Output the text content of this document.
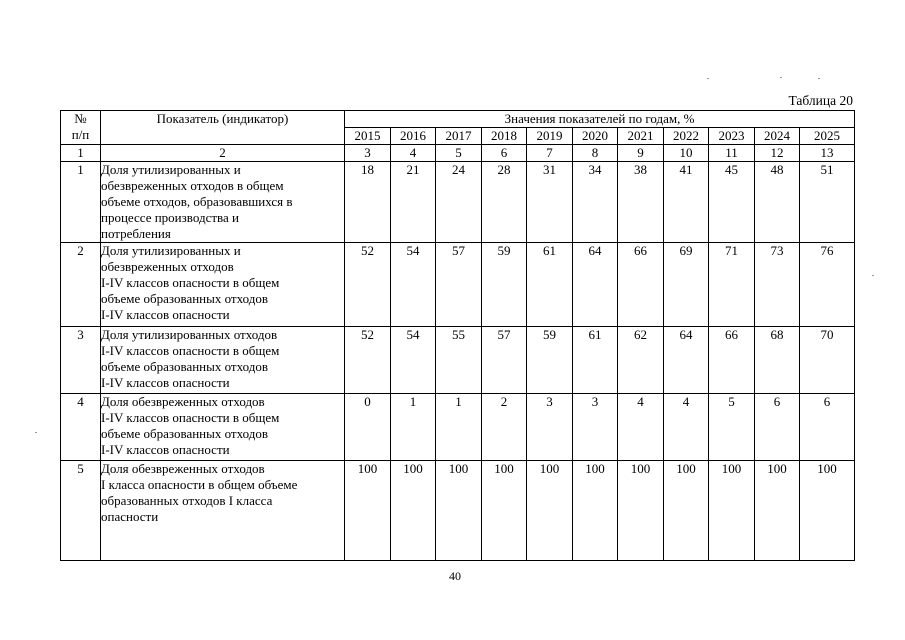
Таблица 20
№
п/п	Показатель (индикатор)	Значения показателей по годам, %										
		2015	2016	2017	2018	2019	2020	2021	2022	2023	2024	2025
1	2	3	4	5	6	7	8	9	10	11	12	13
1	Доля утилизированных и
обезвреженных отходов в общем
объеме отходов, образовавшихся в
процессе производства и
потребления	18	21	24	28	31	34	38	41	45	48	51
2	Доля утилизированных и
обезвреженных отходов
I-IV классов опасности в общем
объеме образованных отходов
I-IV классов опасности	52	54	57	59	61	64	66	69	71	73	76
3	Доля утилизированных отходов
I-IV классов опасности в общем
объеме образованных отходов
I-IV классов опасности	52	54	55	57	59	61	62	64	66	68	70
4	Доля обезвреженных отходов
I-IV классов опасности в общем
объеме образованных отходов
I-IV классов опасности	0	1	1	2	3	3	4	4	5	6	6
5	Доля обезвреженных отходов
I класса опасности в общем объеме
образованных отходов I класса
опасности	100	100	100	100	100	100	100	100	100	100	100
40
